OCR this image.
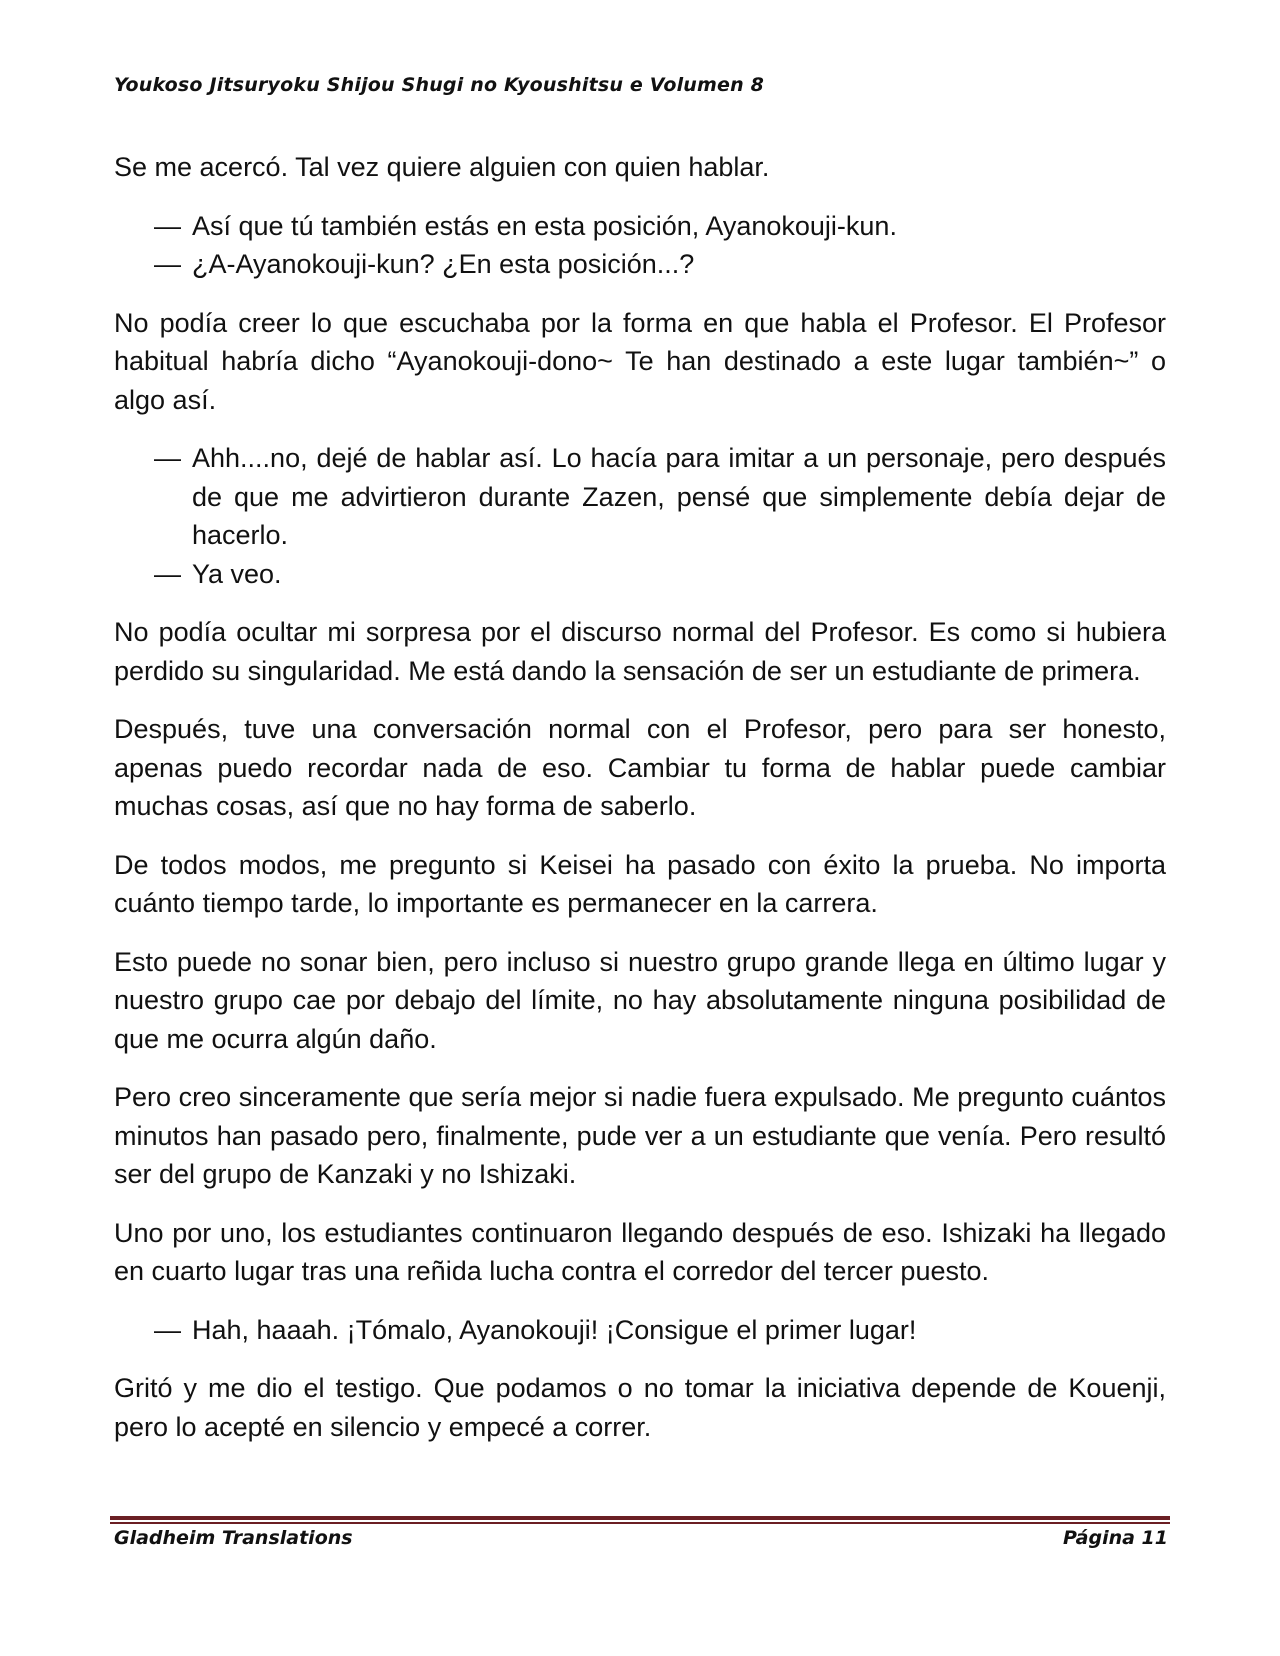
Youkoso Jitsuryoku Shijou Shugi no Kyoushitsu e Volumen 8

Se me acercó. Tal vez quiere alguien con quien hablar.

— Así que tú también estás en esta posición, Ayanokouji-kun.
— ¿A-Ayanokouji-kun? ¿En esta posición...?

No podía creer lo que escuchaba por la forma en que habla el Profesor. El Profesor habitual habría dicho “Ayanokouji-dono~ Te han destinado a este lugar también~” o algo así.

— Ahh....no, dejé de hablar así. Lo hacía para imitar a un personaje, pero después de que me advirtieron durante Zazen, pensé que simplemente debía dejar de hacerlo.
— Ya veo.

No podía ocultar mi sorpresa por el discurso normal del Profesor. Es como si hubiera perdido su singularidad. Me está dando la sensación de ser un estudiante de primera.

Después, tuve una conversación normal con el Profesor, pero para ser honesto, apenas puedo recordar nada de eso. Cambiar tu forma de hablar puede cambiar muchas cosas, así que no hay forma de saberlo.

De todos modos, me pregunto si Keisei ha pasado con éxito la prueba. No importa cuánto tiempo tarde, lo importante es permanecer en la carrera.

Esto puede no sonar bien, pero incluso si nuestro grupo grande llega en último lugar y nuestro grupo cae por debajo del límite, no hay absolutamente ninguna posibilidad de que me ocurra algún daño.

Pero creo sinceramente que sería mejor si nadie fuera expulsado. Me pregunto cuántos minutos han pasado pero, finalmente, pude ver a un estudiante que venía. Pero resultó ser del grupo de Kanzaki y no Ishizaki.

Uno por uno, los estudiantes continuaron llegando después de eso. Ishizaki ha llegado en cuarto lugar tras una reñida lucha contra el corredor del tercer puesto.

— Hah, haaah. ¡Tómalo, Ayanokouji! ¡Consigue el primer lugar!

Gritó y me dio el testigo. Que podamos o no tomar la iniciativa depende de Kouenji, pero lo acepté en silencio y empecé a correr.

Gladheim Translations	Página 11
